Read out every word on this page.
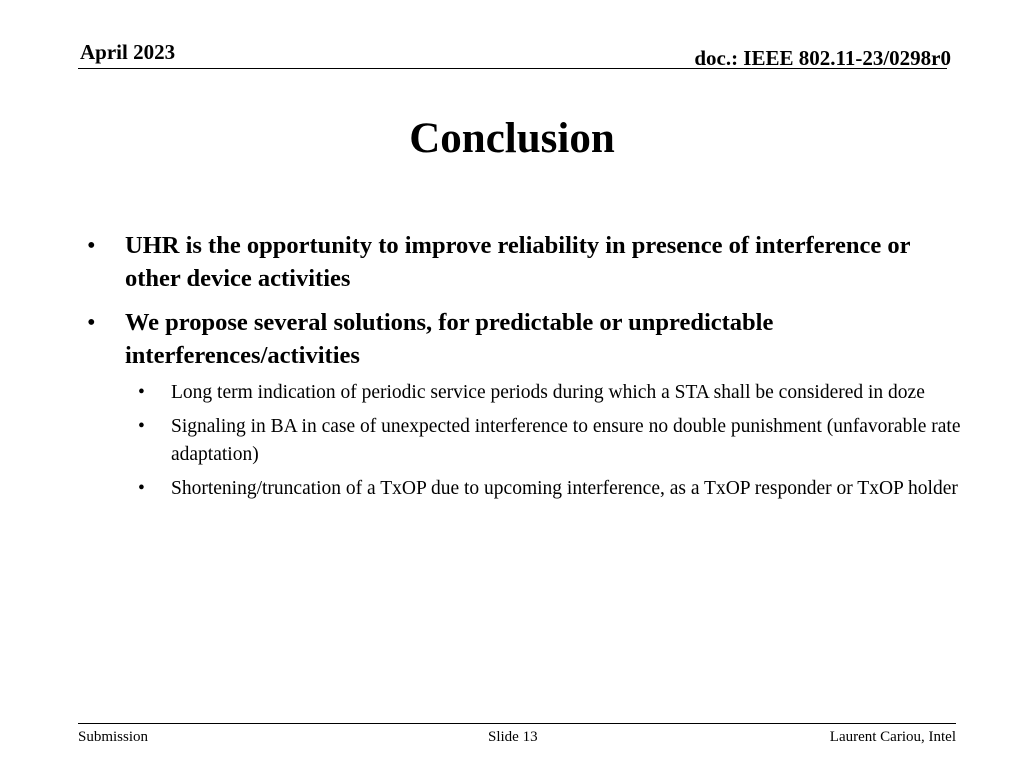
April 2023	doc.: IEEE 802.11-23/0298r0
Conclusion
• UHR is the opportunity to improve reliability in presence of interference or other device activities
• We propose several solutions, for predictable or unpredictable interferences/activities
• Long term indication of periodic service periods during which a STA shall be considered in doze
• Signaling in BA in case of unexpected interference to ensure no double punishment (unfavorable rate adaptation)
• Shortening/truncation of a TxOP due to upcoming interference, as a TxOP responder or TxOP holder
Submission	Slide 13	Laurent Cariou, Intel
